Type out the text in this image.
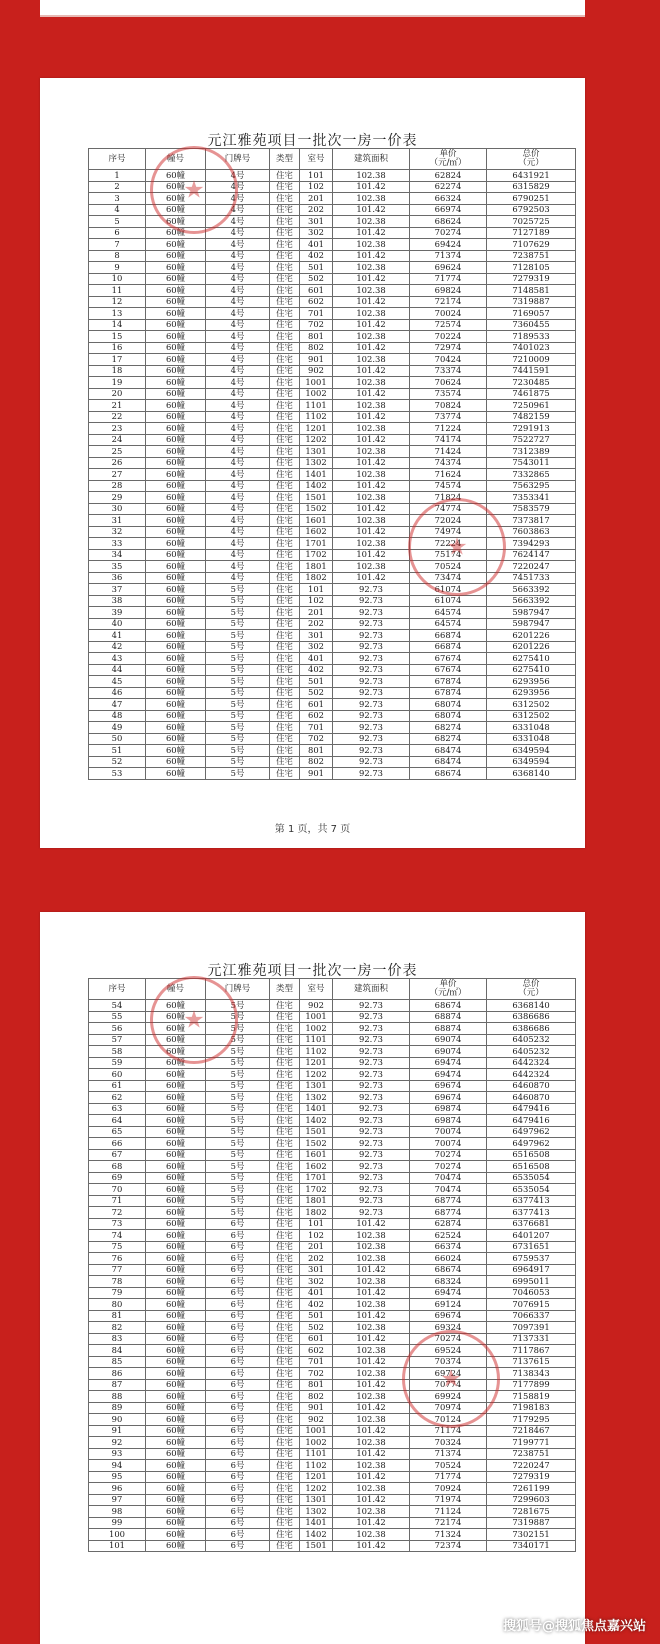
元江雅苑项目一批次一房一价表
序号	幢号	门牌号	类型	室号	建筑面积	单价
（元/㎡）	总价
（元）
1	60幢	4号	住宅	101	102.38	62824	6431921
2	60幢	4号	住宅	102	101.42	62274	6315829
3	60幢	4号	住宅	201	102.38	66324	6790251
4	60幢	4号	住宅	202	101.42	66974	6792503
5	60幢	4号	住宅	301	102.38	68624	7025725
6	60幢	4号	住宅	302	101.42	70274	7127189
7	60幢	4号	住宅	401	102.38	69424	7107629
8	60幢	4号	住宅	402	101.42	71374	7238751
9	60幢	4号	住宅	501	102.38	69624	7128105
10	60幢	4号	住宅	502	101.42	71774	7279319
11	60幢	4号	住宅	601	102.38	69824	7148581
12	60幢	4号	住宅	602	101.42	72174	7319887
13	60幢	4号	住宅	701	102.38	70024	7169057
14	60幢	4号	住宅	702	101.42	72574	7360455
15	60幢	4号	住宅	801	102.38	70224	7189533
16	60幢	4号	住宅	802	101.42	72974	7401023
17	60幢	4号	住宅	901	102.38	70424	7210009
18	60幢	4号	住宅	902	101.42	73374	7441591
19	60幢	4号	住宅	1001	102.38	70624	7230485
20	60幢	4号	住宅	1002	101.42	73574	7461875
21	60幢	4号	住宅	1101	102.38	70824	7250961
22	60幢	4号	住宅	1102	101.42	73774	7482159
23	60幢	4号	住宅	1201	102.38	71224	7291913
24	60幢	4号	住宅	1202	101.42	74174	7522727
25	60幢	4号	住宅	1301	102.38	71424	7312389
26	60幢	4号	住宅	1302	101.42	74374	7543011
27	60幢	4号	住宅	1401	102.38	71624	7332865
28	60幢	4号	住宅	1402	101.42	74574	7563295
29	60幢	4号	住宅	1501	102.38	71824	7353341
30	60幢	4号	住宅	1502	101.42	74774	7583579
31	60幢	4号	住宅	1601	102.38	72024	7373817
32	60幢	4号	住宅	1602	101.42	74974	7603863
33	60幢	4号	住宅	1701	102.38	72224	7394293
34	60幢	4号	住宅	1702	101.42	75174	7624147
35	60幢	4号	住宅	1801	102.38	70524	7220247
36	60幢	4号	住宅	1802	101.42	73474	7451733
37	60幢	5号	住宅	101	92.73	61074	5663392
38	60幢	5号	住宅	102	92.73	61074	5663392
39	60幢	5号	住宅	201	92.73	64574	5987947
40	60幢	5号	住宅	202	92.73	64574	5987947
41	60幢	5号	住宅	301	92.73	66874	6201226
42	60幢	5号	住宅	302	92.73	66874	6201226
43	60幢	5号	住宅	401	92.73	67674	6275410
44	60幢	5号	住宅	402	92.73	67674	6275410
45	60幢	5号	住宅	501	92.73	67874	6293956
46	60幢	5号	住宅	502	92.73	67874	6293956
47	60幢	5号	住宅	601	92.73	68074	6312502
48	60幢	5号	住宅	602	92.73	68074	6312502
49	60幢	5号	住宅	701	92.73	68274	6331048
50	60幢	5号	住宅	702	92.73	68274	6331048
51	60幢	5号	住宅	801	92.73	68474	6349594
52	60幢	5号	住宅	802	92.73	68474	6349594
53	60幢	5号	住宅	901	92.73	68674	6368140
第 1 页，共 7 页
★
★
元江雅苑项目一批次一房一价表
序号	幢号	门牌号	类型	室号	建筑面积	单价
（元/㎡）	总价
（元）
54	60幢	5号	住宅	902	92.73	68674	6368140
55	60幢	5号	住宅	1001	92.73	68874	6386686
56	60幢	5号	住宅	1002	92.73	68874	6386686
57	60幢	5号	住宅	1101	92.73	69074	6405232
58	60幢	5号	住宅	1102	92.73	69074	6405232
59	60幢	5号	住宅	1201	92.73	69474	6442324
60	60幢	5号	住宅	1202	92.73	69474	6442324
61	60幢	5号	住宅	1301	92.73	69674	6460870
62	60幢	5号	住宅	1302	92.73	69674	6460870
63	60幢	5号	住宅	1401	92.73	69874	6479416
64	60幢	5号	住宅	1402	92.73	69874	6479416
65	60幢	5号	住宅	1501	92.73	70074	6497962
66	60幢	5号	住宅	1502	92.73	70074	6497962
67	60幢	5号	住宅	1601	92.73	70274	6516508
68	60幢	5号	住宅	1602	92.73	70274	6516508
69	60幢	5号	住宅	1701	92.73	70474	6535054
70	60幢	5号	住宅	1702	92.73	70474	6535054
71	60幢	5号	住宅	1801	92.73	68774	6377413
72	60幢	5号	住宅	1802	92.73	68774	6377413
73	60幢	6号	住宅	101	101.42	62874	6376681
74	60幢	6号	住宅	102	102.38	62524	6401207
75	60幢	6号	住宅	201	102.38	66374	6731651
76	60幢	6号	住宅	202	102.38	66024	6759537
77	60幢	6号	住宅	301	101.42	68674	6964917
78	60幢	6号	住宅	302	102.38	68324	6995011
79	60幢	6号	住宅	401	101.42	69474	7046053
80	60幢	6号	住宅	402	102.38	69124	7076915
81	60幢	6号	住宅	501	101.42	69674	7066337
82	60幢	6号	住宅	502	102.38	69324	7097391
83	60幢	6号	住宅	601	101.42	70274	7137331
84	60幢	6号	住宅	602	102.38	69524	7117867
85	60幢	6号	住宅	701	101.42	70374	7137615
86	60幢	6号	住宅	702	102.38	69724	7138343
87	60幢	6号	住宅	801	101.42	70774	7177899
88	60幢	6号	住宅	802	102.38	69924	7158819
89	60幢	6号	住宅	901	101.42	70974	7198183
90	60幢	6号	住宅	902	102.38	70124	7179295
91	60幢	6号	住宅	1001	101.42	71174	7218467
92	60幢	6号	住宅	1002	102.38	70324	7199771
93	60幢	6号	住宅	1101	101.42	71374	7238751
94	60幢	6号	住宅	1102	102.38	70524	7220247
95	60幢	6号	住宅	1201	101.42	71774	7279319
96	60幢	6号	住宅	1202	102.38	70924	7261199
97	60幢	6号	住宅	1301	101.42	71974	7299603
98	60幢	6号	住宅	1302	102.38	71124	7281675
99	60幢	6号	住宅	1401	101.42	72174	7319887
100	60幢	6号	住宅	1402	102.38	71324	7302151
101	60幢	6号	住宅	1501	101.42	72374	7340171
★
★
搜狐号@搜狐焦点嘉兴站
